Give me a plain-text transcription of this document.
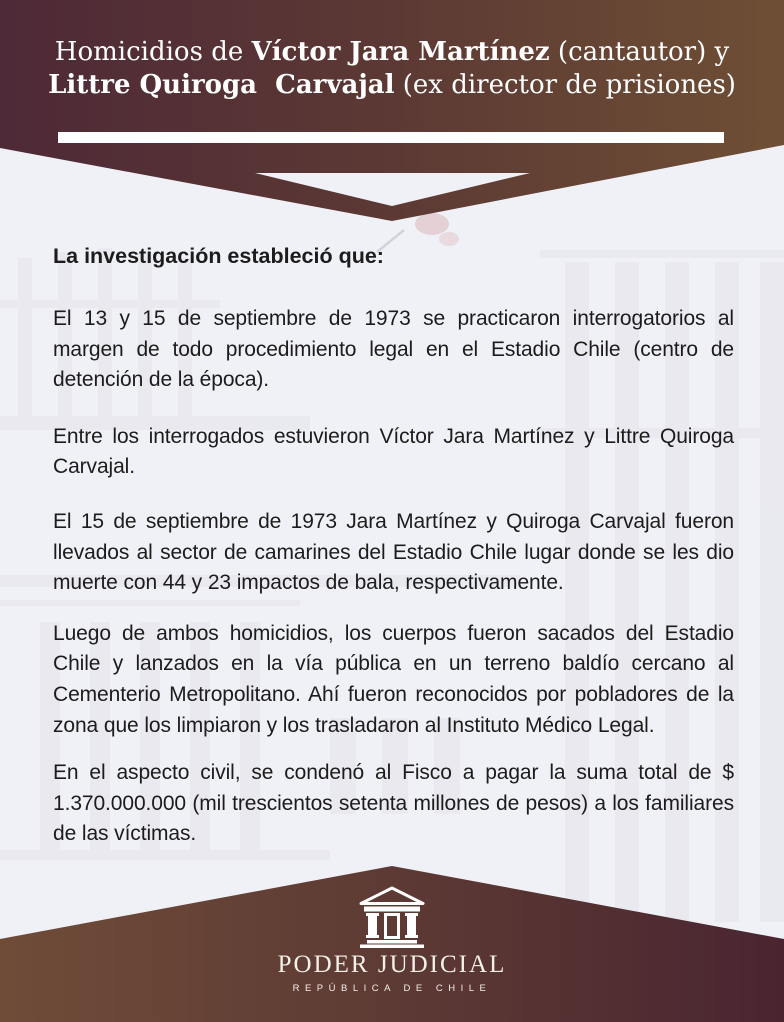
Homicidios de Víctor Jara Martínez (cantautor) y
Littre Quiroga  Carvajal (ex director de prisiones)
La investigación estableció que:

El 13 y 15 de septiembre de 1973 se practicaron interrogatorios al margen de todo procedimiento legal en el Estadio Chile (centro de detención de la época).

Entre los interrogados estuvieron Víctor Jara Martínez y Littre Quiroga Carvajal.

El 15 de septiembre de 1973 Jara Martínez y Quiroga Carvajal fueron llevados al sector de camarines del Estadio Chile lugar donde se les dio muerte con 44 y 23 impactos de bala, respectivamente.

Luego de ambos homicidios, los cuerpos fueron sacados del Estadio Chile y lanzados en la vía pública en un terreno baldío cercano al Cementerio Metropolitano. Ahí fueron reconocidos por pobladores de la zona que los limpiaron y los trasladaron al Instituto Médico Legal.

En el aspecto civil, se condenó al Fisco a pagar la suma total de $ 1.370.000.000 (mil trescientos setenta millones de pesos) a los familiares de las víctimas.

PODER JUDICIAL
REPÚBLICA DE CHILE
